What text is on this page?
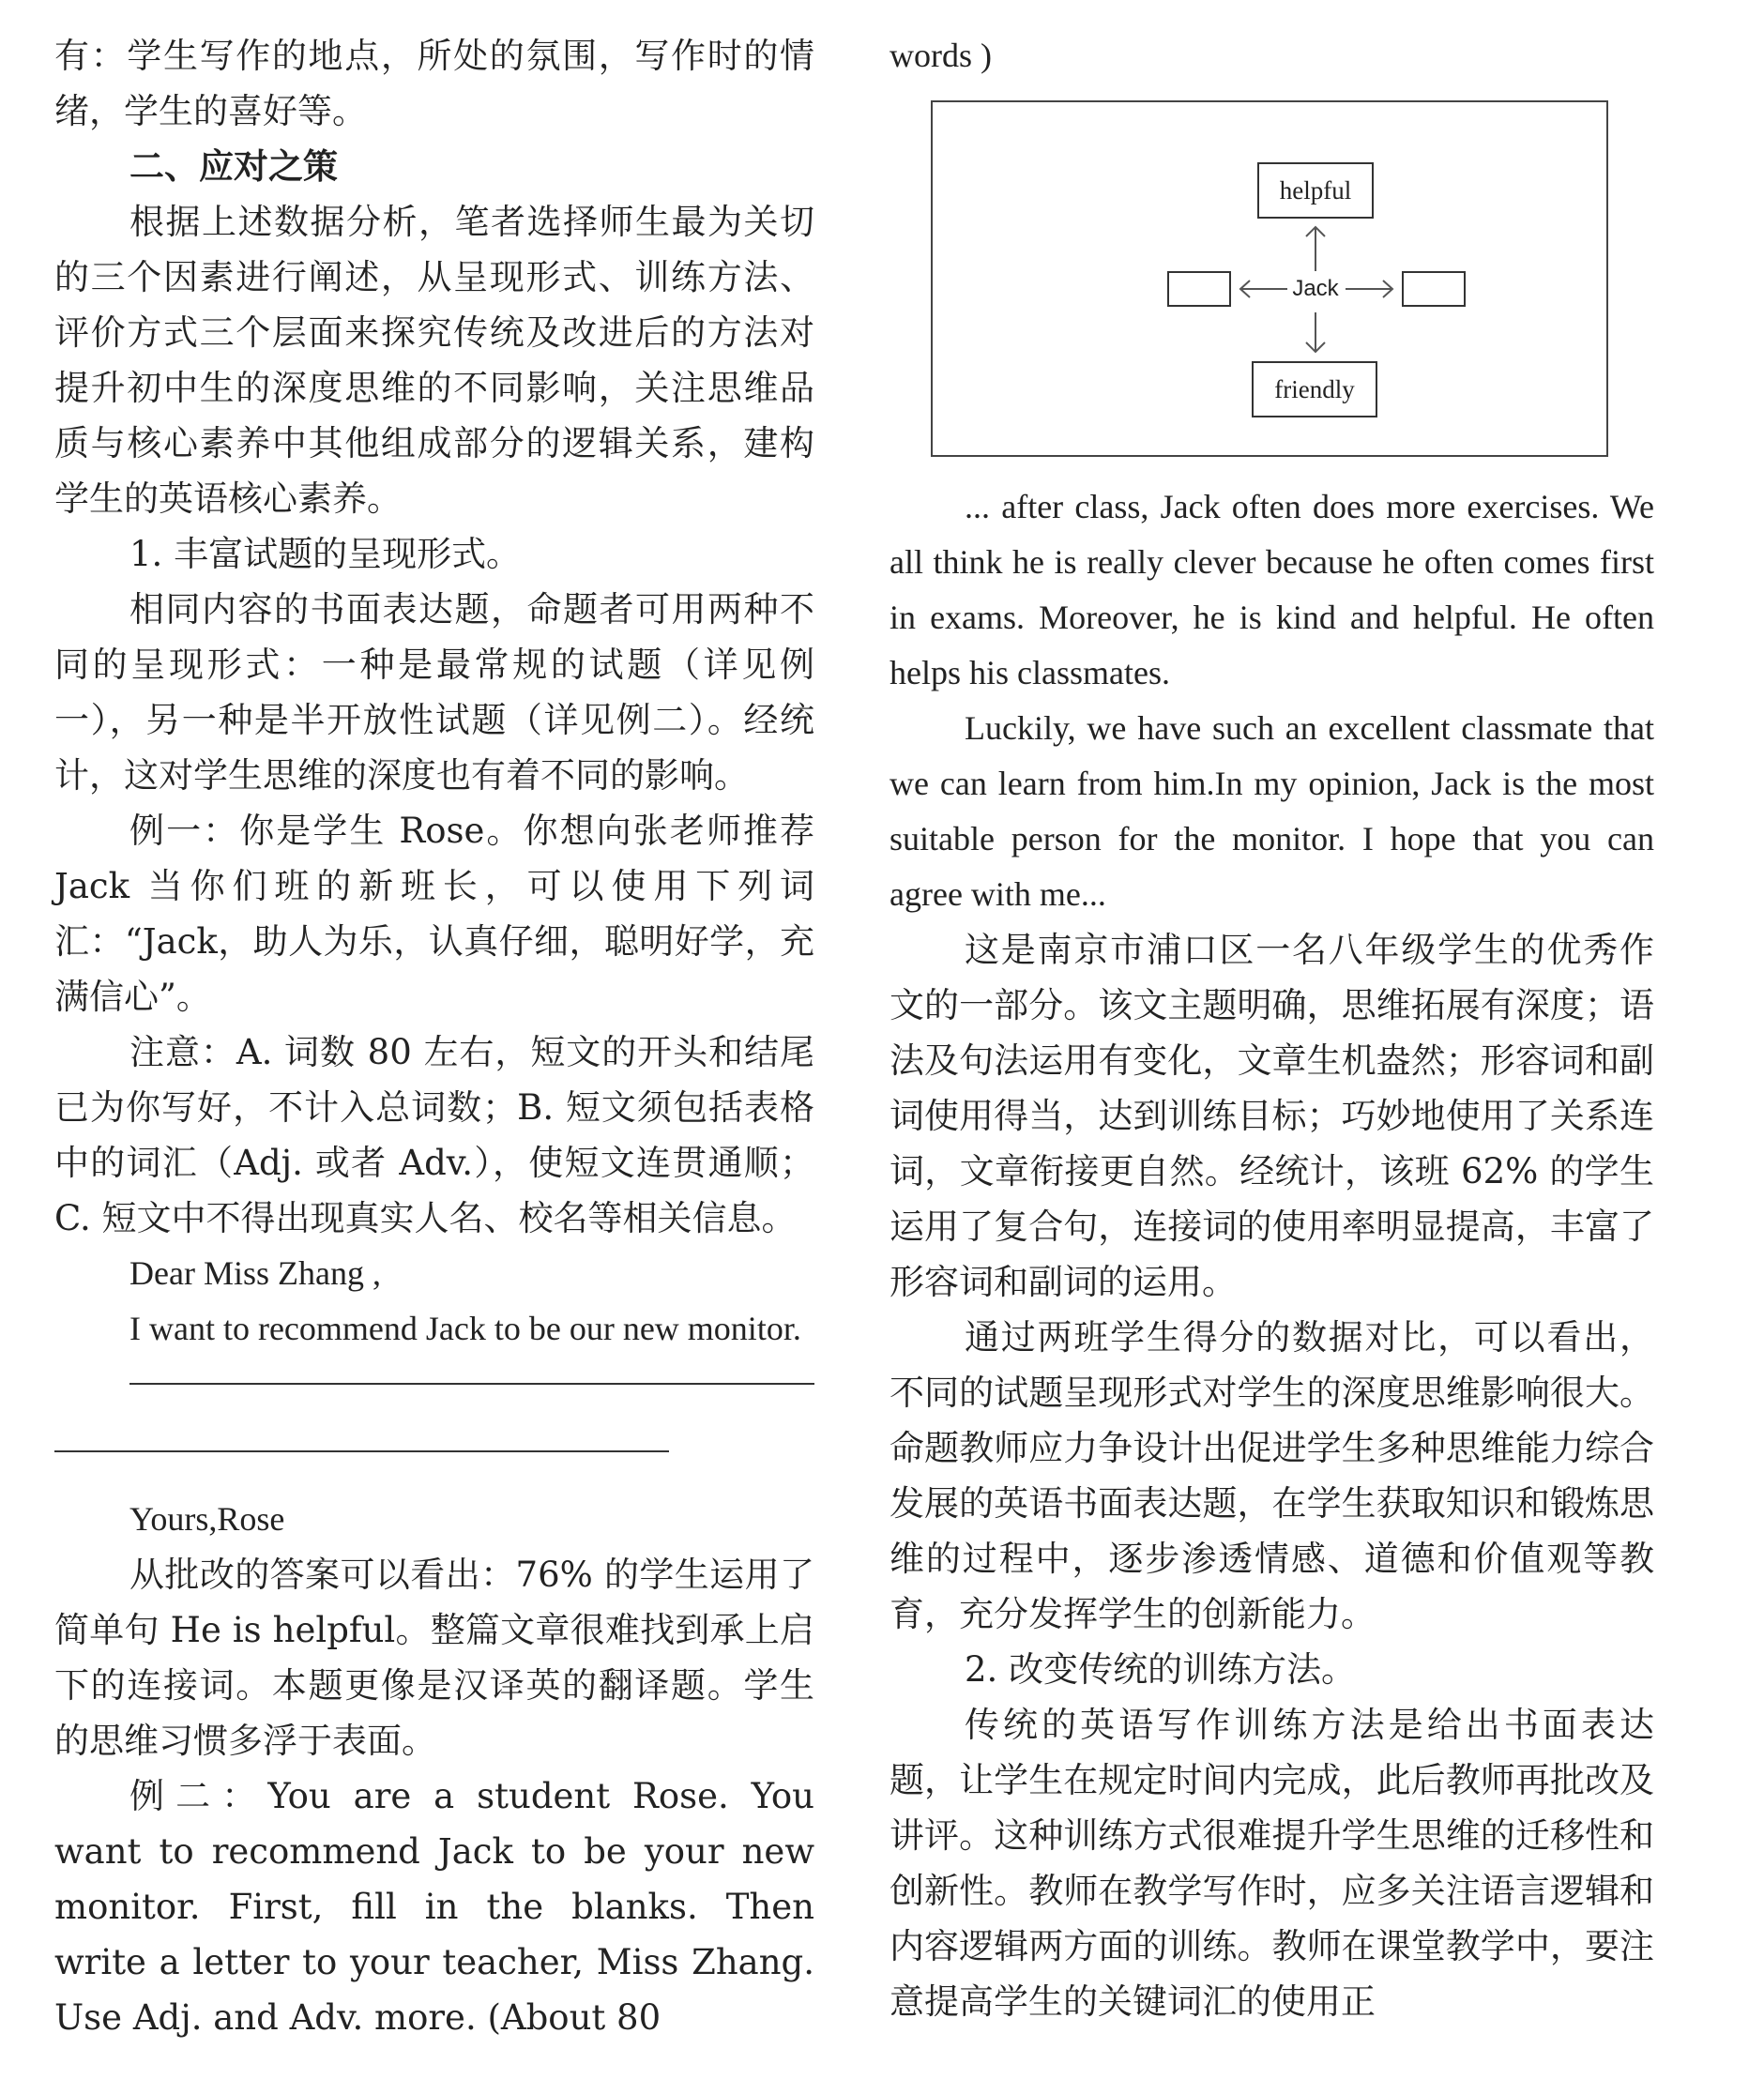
有：学生写作的地点，所处的氛围，写作时的情绪，学生的喜好等。

二、应对之策

根据上述数据分析，笔者选择师生最为关切的三个因素进行阐述，从呈现形式、训练方法、评价方式三个层面来探究传统及改进后的方法对提升初中生的深度思维的不同影响，关注思维品质与核心素养中其他组成部分的逻辑关系，建构学生的英语核心素养。

1. 丰富试题的呈现形式。

相同内容的书面表达题，命题者可用两种不同的呈现形式：一种是最常规的试题（详见例一），另一种是半开放性试题（详见例二）。经统计，这对学生思维的深度也有着不同的影响。

例一：你是学生 Rose。你想向张老师推荐 Jack 当你们班的新班长，可以使用下列词汇：“Jack，助人为乐，认真仔细，聪明好学，充满信心”。

注意：A. 词数 80 左右，短文的开头和结尾已为你写好，不计入总词数；B. 短文须包括表格中的词汇（Adj. 或者 Adv.），使短文连贯通顺；C. 短文中不得出现真实人名、校名等相关信息。

Dear Miss Zhang ,

I want to recommend Jack to be our new monitor.

Yours,Rose

从批改的答案可以看出：76% 的学生运用了简单句 He is helpful。整篇文章很难找到承上启下的连接词。本题更像是汉译英的翻译题。学生的思维习惯多浮于表面。

例二：You are a student Rose. You want to recommend Jack to be your new monitor. First, fill in the blanks. Then write a letter to your teacher, Miss Zhang. Use Adj. and Adv. more. (About 80

words )

helpful
friendly
Jack

... after class, Jack often does more exercises. We all think he is really clever because he often comes first in exams. Moreover, he is kind and helpful. He often helps his classmates.

Luckily, we have such an excellent classmate that we can learn from him.In my opinion, Jack is the most suitable person for the monitor. I hope that you can agree with me...

这是南京市浦口区一名八年级学生的优秀作文的一部分。该文主题明确，思维拓展有深度；语法及句法运用有变化，文章生机盎然；形容词和副词使用得当，达到训练目标；巧妙地使用了关系连词，文章衔接更自然。经统计，该班 62% 的学生运用了复合句，连接词的使用率明显提高，丰富了形容词和副词的运用。

通过两班学生得分的数据对比，可以看出，不同的试题呈现形式对学生的深度思维影响很大。命题教师应力争设计出促进学生多种思维能力综合发展的英语书面表达题，在学生获取知识和锻炼思维的过程中，逐步渗透情感、道德和价值观等教育，充分发挥学生的创新能力。

2. 改变传统的训练方法。

传统的英语写作训练方法是给出书面表达题，让学生在规定时间内完成，此后教师再批改及讲评。这种训练方式很难提升学生思维的迁移性和创新性。教师在教学写作时，应多关注语言逻辑和内容逻辑两方面的训练。教师在课堂教学中，要注意提高学生的关键词汇的使用正
